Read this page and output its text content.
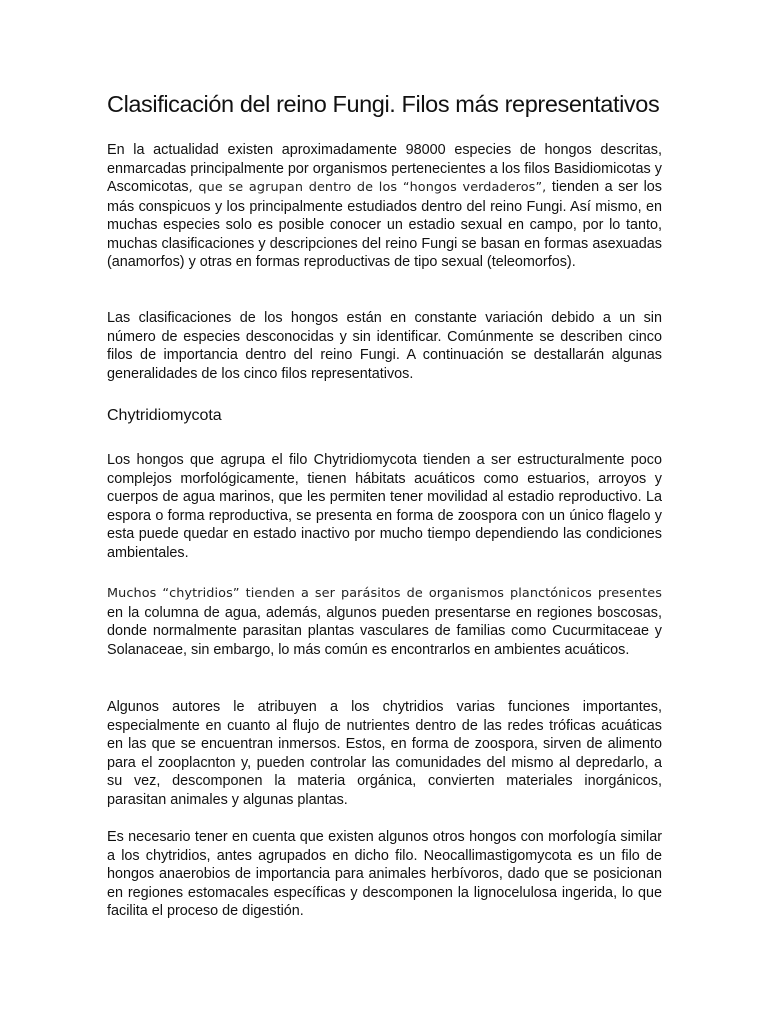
Clasificación del reino Fungi. Filos más representativos

En la actualidad existen aproximadamente 98000 especies de hongos descritas, enmarcadas principalmente por organismos pertenecientes a los filos Basidiomicotas y Ascomicotas, que se agrupan dentro de los “hongos verdaderos”, tienden a ser los más conspicuos y los principalmente estudiados dentro del reino Fungi. Así mismo, en muchas especies solo es posible conocer un estadio sexual en campo, por lo tanto, muchas clasificaciones y descripciones del reino Fungi se basan en formas asexuadas (anamorfos) y otras en formas reproductivas de tipo sexual (teleomorfos).

Las clasificaciones de los hongos están en constante variación debido a un sin número de especies desconocidas y sin identificar. Comúnmente se describen cinco filos de importancia dentro del reino Fungi. A continuación se destallarán algunas generalidades de los cinco filos representativos.

Chytridiomycota

Los hongos que agrupa el filo Chytridiomycota tienden a ser estructuralmente poco complejos morfológicamente, tienen hábitats acuáticos como estuarios, arroyos y cuerpos de agua marinos, que les permiten tener movilidad al estadio reproductivo. La espora o forma reproductiva, se presenta en forma de zoospora con un único flagelo y esta puede quedar en estado inactivo por mucho tiempo dependiendo las condiciones ambientales.

Muchos “chytridios” tienden a ser parásitos de organismos planctónicos presentes en la columna de agua, además, algunos pueden presentarse en regiones boscosas, donde normalmente parasitan plantas vasculares de familias como Cucurmitaceae y Solanaceae, sin embargo, lo más común es encontrarlos en ambientes acuáticos.

Algunos autores le atribuyen a los chytridios varias funciones importantes, especialmente en cuanto al flujo de nutrientes dentro de las redes tróficas acuáticas en las que se encuentran inmersos. Estos, en forma de zoospora, sirven de alimento para el zooplacnton y, pueden controlar las comunidades del mismo al depredarlo, a su vez, descomponen la materia orgánica, convierten materiales inorgánicos, parasitan animales y algunas plantas.

Es necesario tener en cuenta que existen algunos otros hongos con morfología similar a los chytridios, antes agrupados en dicho filo. Neocallimastigomycota es un filo de hongos anaerobios de importancia para animales herbívoros, dado que se posicionan en regiones estomacales específicas y descomponen la lignocelulosa ingerida, lo que facilita el proceso de digestión.
